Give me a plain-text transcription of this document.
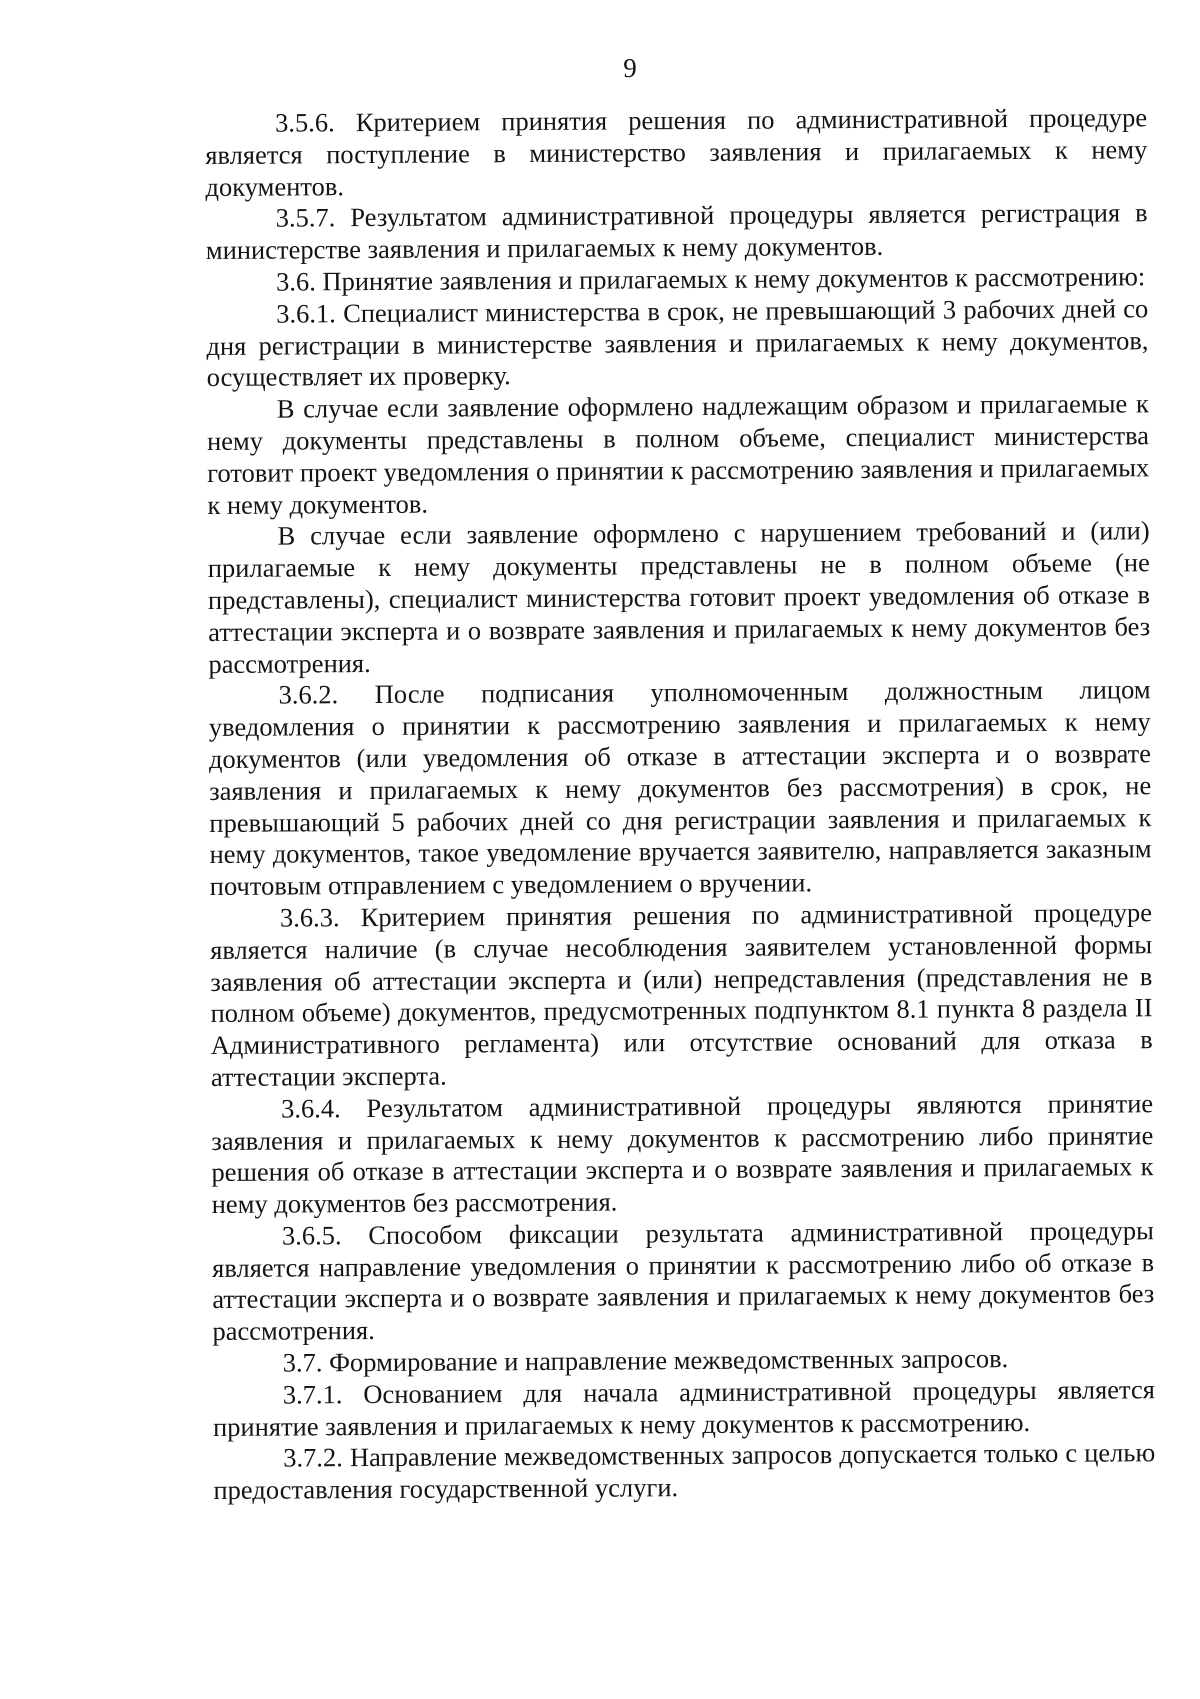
9

3.5.6. Критерием принятия решения по административной процедуре является поступление в министерство заявления и прилагаемых к нему документов.

3.5.7. Результатом административной процедуры является регистрация в министерстве заявления и прилагаемых к нему документов.

3.6. Принятие заявления и прилагаемых к нему документов к рассмотрению:

3.6.1. Специалист министерства в срок, не превышающий 3 рабочих дней со дня регистрации в министерстве заявления и прилагаемых к нему документов, осуществляет их проверку.

В случае если заявление оформлено надлежащим образом и прилагаемые к нему документы представлены в полном объеме, специалист министерства готовит проект уведомления о принятии к рассмотрению заявления и прилагаемых к нему документов.

В случае если заявление оформлено с нарушением требований и (или) прилагаемые к нему документы представлены не в полном объеме (не представлены), специалист министерства готовит проект уведомления об отказе в аттестации эксперта и о возврате заявления и прилагаемых к нему документов без рассмотрения.

3.6.2. После подписания уполномоченным должностным лицом уведомления о принятии к рассмотрению заявления и прилагаемых к нему документов (или уведомления об отказе в аттестации эксперта и о возврате заявления и прилагаемых к нему документов без рассмотрения) в срок, не превышающий 5 рабочих дней со дня регистрации заявления и прилагаемых к нему документов, такое уведомление вручается заявителю, направляется заказным почтовым отправлением с уведомлением о вручении.

3.6.3. Критерием принятия решения по административной процедуре является наличие (в случае несоблюдения заявителем установленной формы заявления об аттестации эксперта и (или) непредставления (представления не в полном объеме) документов, предусмотренных подпунктом 8.1 пункта 8 раздела II Административного регламента) или отсутствие оснований для отказа в аттестации эксперта.

3.6.4. Результатом административной процедуры являются принятие заявления и прилагаемых к нему документов к рассмотрению либо принятие решения об отказе в аттестации эксперта и о возврате заявления и прилагаемых к нему документов без рассмотрения.

3.6.5. Способом фиксации результата административной процедуры является направление уведомления о принятии к рассмотрению либо об отказе в аттестации эксперта и о возврате заявления и прилагаемых к нему документов без рассмотрения.

3.7. Формирование и направление межведомственных запросов.

3.7.1. Основанием для начала административной процедуры является принятие заявления и прилагаемых к нему документов к рассмотрению.

3.7.2. Направление межведомственных запросов допускается только с целью предоставления государственной услуги.
